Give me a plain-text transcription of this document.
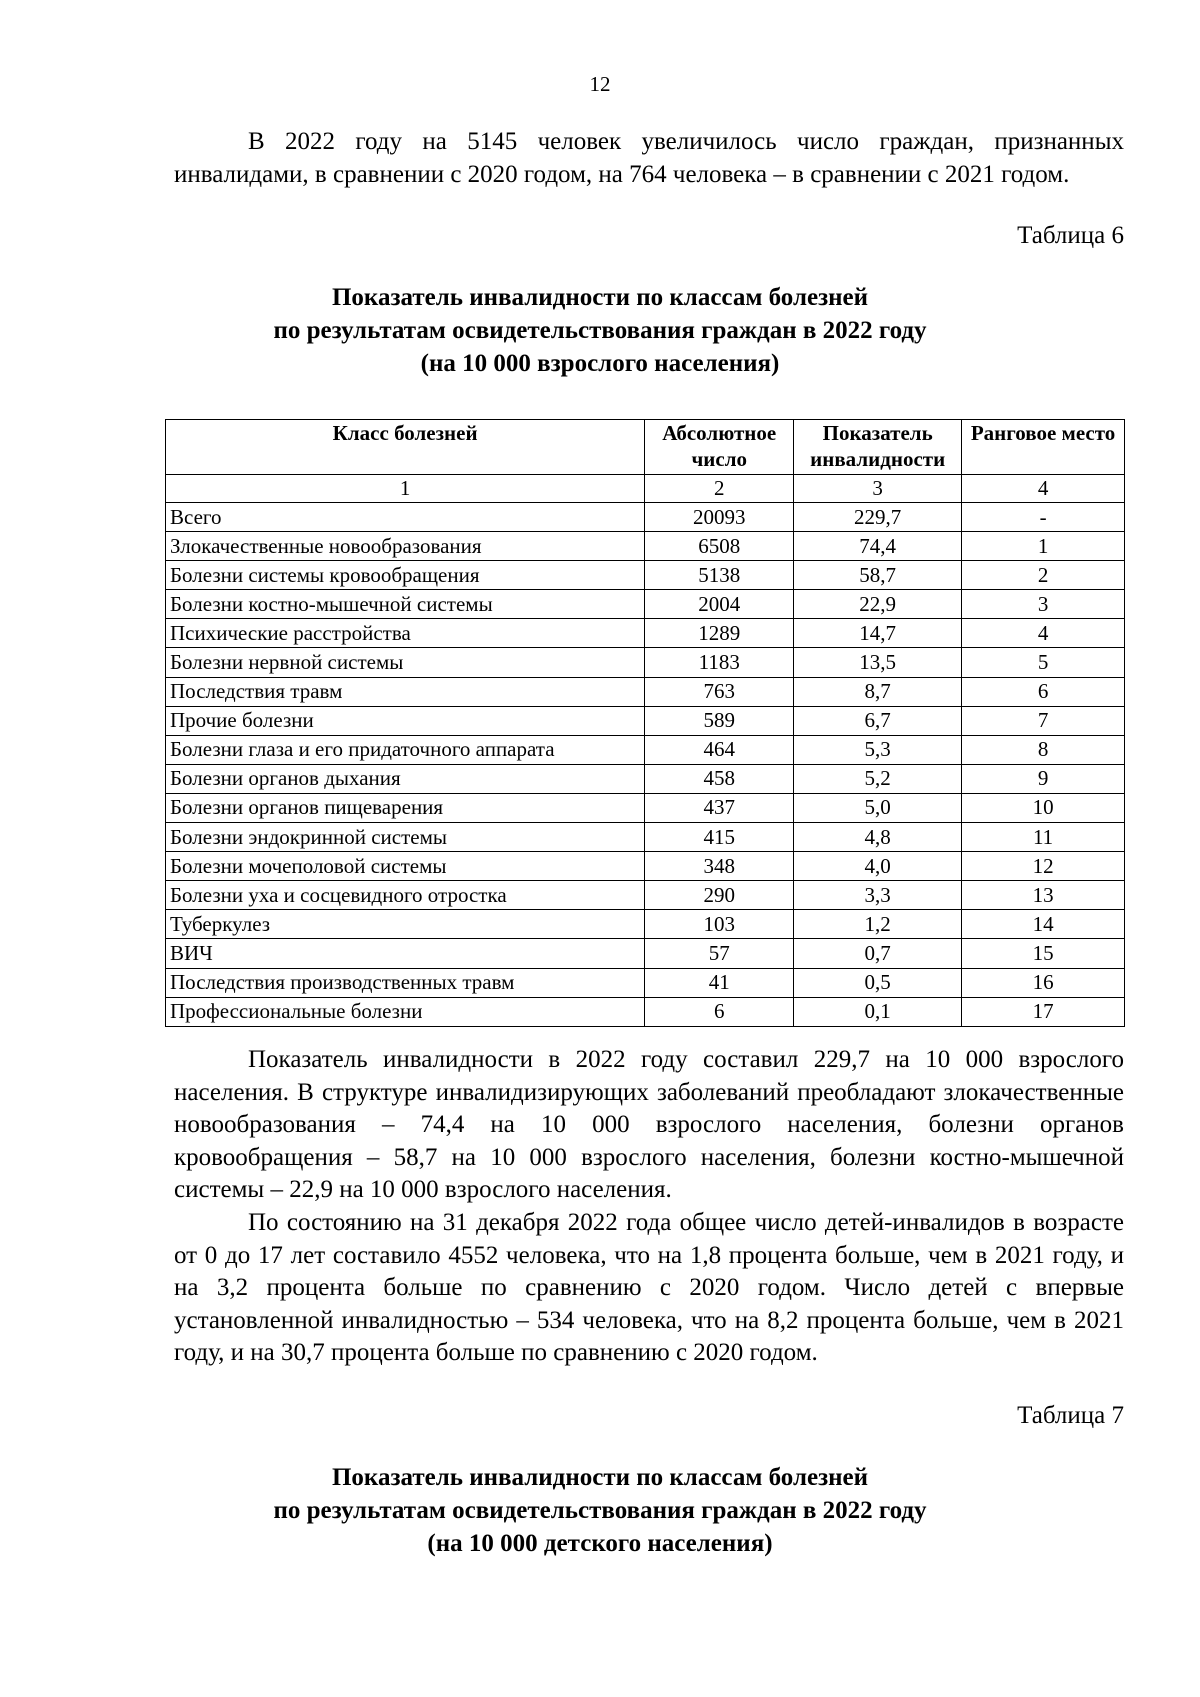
12

В 2022 году на 5145 человек увеличилось число граждан, признанных инвалидами, в сравнении с 2020 годом, на 764 человека – в сравнении с 2021 годом.

Таблица 6

Показатель инвалидности по классам болезней
по результатам освидетельствования граждан в 2022 году
(на 10 000 взрослого населения)
Класс болезней	Абсолютное число	Показатель инвалидности	Ранговое место
1	2	3	4
Всего	20093	229,7	-
Злокачественные новообразования	6508	74,4	1
Болезни системы кровообращения	5138	58,7	2
Болезни костно-мышечной системы	2004	22,9	3
Психические расстройства	1289	14,7	4
Болезни нервной системы	1183	13,5	5
Последствия травм	763	8,7	6
Прочие болезни	589	6,7	7
Болезни глаза и его придаточного аппарата	464	5,3	8
Болезни органов дыхания	458	5,2	9
Болезни органов пищеварения	437	5,0	10
Болезни эндокринной системы	415	4,8	11
Болезни мочеполовой системы	348	4,0	12
Болезни уха и сосцевидного отростка	290	3,3	13
Туберкулез	103	1,2	14
ВИЧ	57	0,7	15
Последствия производственных травм	41	0,5	16
Профессиональные болезни	6	0,1	17

Показатель инвалидности в 2022 году составил 229,7 на 10 000 взрослого населения. В структуре инвалидизирующих заболеваний преобладают злокачественные новообразования – 74,4 на 10 000 взрослого населения, болезни органов кровообращения – 58,7 на 10 000 взрослого населения, болезни костно-мышечной системы – 22,9 на 10 000 взрослого населения.

По состоянию на 31 декабря 2022 года общее число детей-инвалидов в возрасте от 0 до 17 лет составило 4552 человека, что на 1,8 процента больше, чем в 2021 году, и на 3,2 процента больше по сравнению с 2020 годом. Число детей с впервые установленной инвалидностью – 534 человека, что на 8,2 процента больше, чем в 2021 году, и на 30,7 процента больше по сравнению с 2020 годом.

Таблица 7

Показатель инвалидности по классам болезней
по результатам освидетельствования граждан в 2022 году
(на 10 000 детского населения)
